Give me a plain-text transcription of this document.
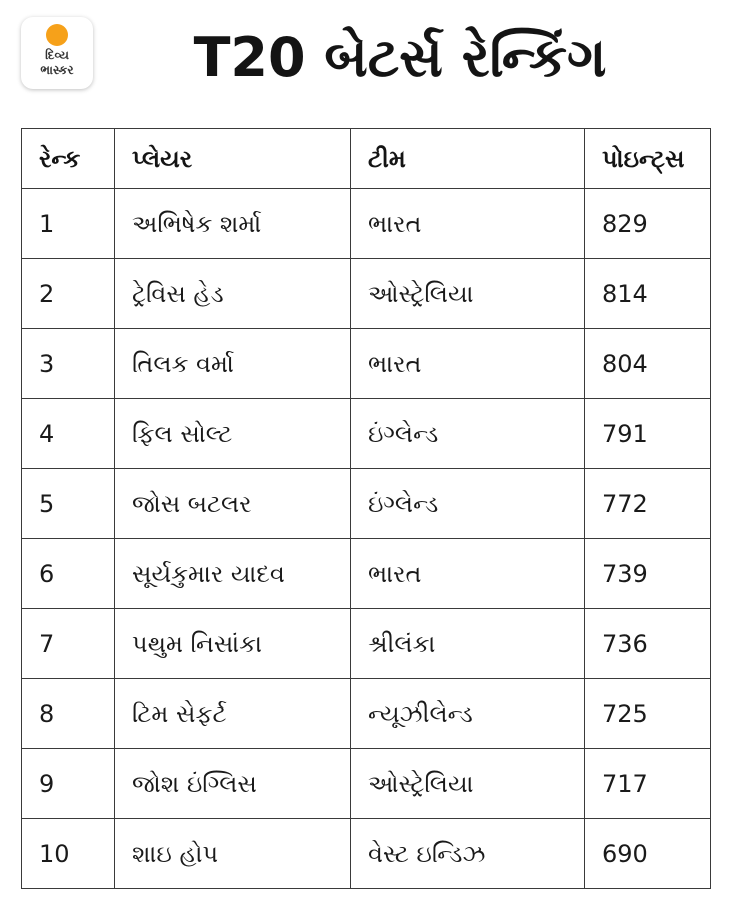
દિવ્ય
ભાસ્કર	T20 બેટર્સ રેન્કિંગ
રેન્ક	પ્લેયર	ટીમ	પોઇન્ટ્સ
1	અભિષેક શર્મા	ભારત	829
2	ટ્રેવિસ હેડ	ઓસ્ટ્રેલિયા	814
3	તિલક વર્મા	ભારત	804
4	ફિલ સોલ્ટ	ઇંગ્લેન્ડ	791
5	જોસ બટલર	ઇંગ્લેન્ડ	772
6	સૂર્યકુમાર યાદવ	ભારત	739
7	પથુમ નિસાંકા	શ્રીલંકા	736
8	ટિમ સેફર્ટ	ન્યૂઝીલેન્ડ	725
9	જોશ ઇંગ્લિસ	ઓસ્ટ્રેલિયા	717
10	શાઇ હોપ	વેસ્ટ ઇન્ડિઝ	690
